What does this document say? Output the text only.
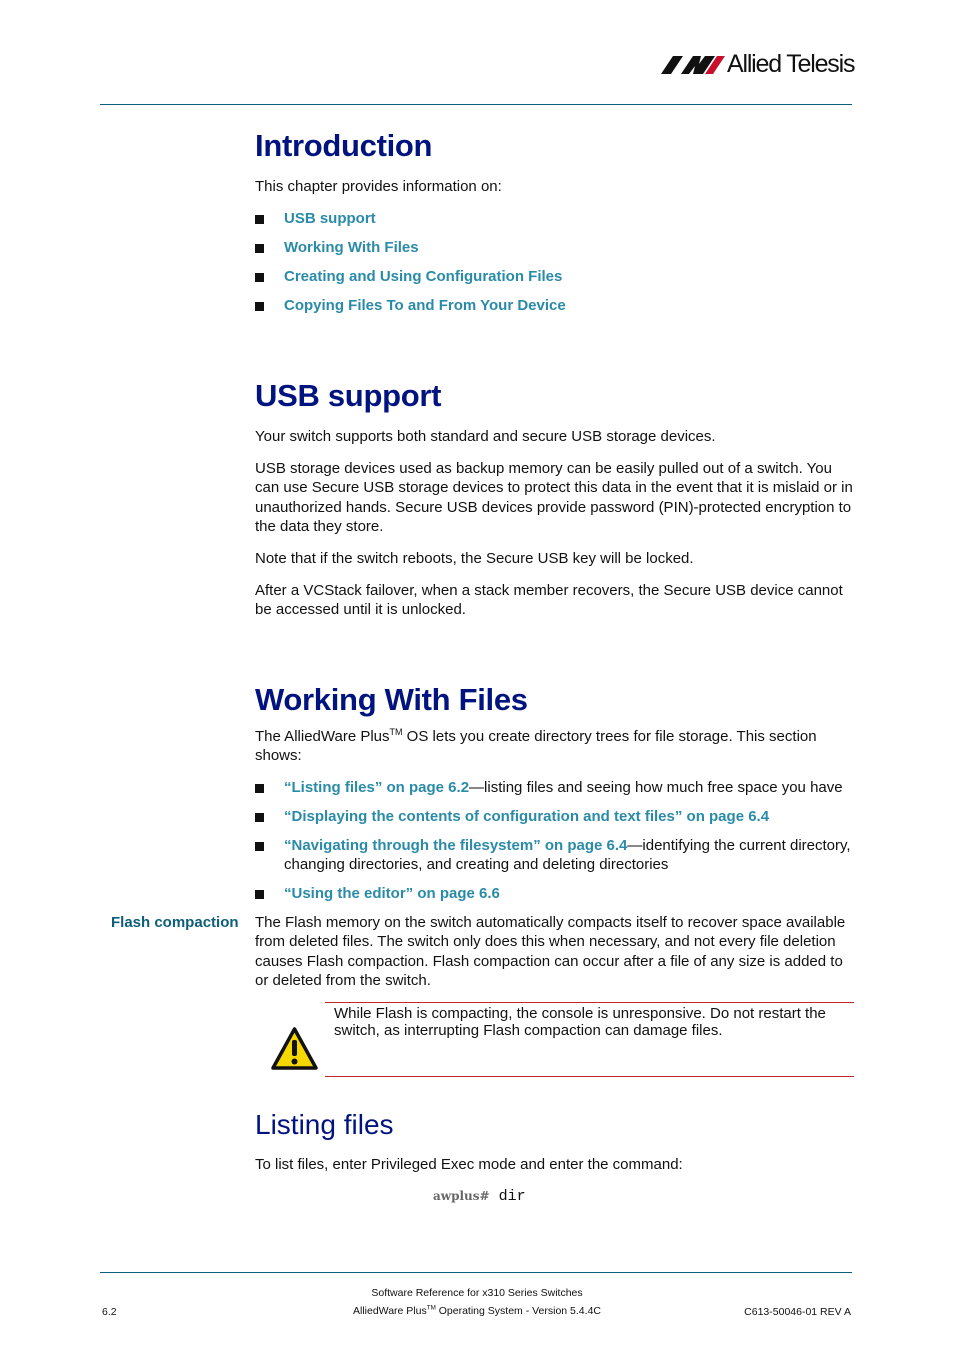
Allied Telesis
Introduction
This chapter provides information on:
USB support
Working With Files
Creating and Using Configuration Files
Copying Files To and From Your Device
USB support
Your switch supports both standard and secure USB storage devices.
USB storage devices used as backup memory can be easily pulled out of a switch. You can use Secure USB storage devices to protect this data in the event that it is mislaid or in unauthorized hands. Secure USB devices provide password (PIN)-protected encryption to the data they store.
Note that if the switch reboots, the Secure USB key will be locked.
After a VCStack failover, when a stack member recovers, the Secure USB device cannot be accessed until it is unlocked.
Working With Files
The AlliedWare Plus™ OS lets you create directory trees for file storage. This section shows:
“Listing files” on page 6.2—listing files and seeing how much free space you have
“Displaying the contents of configuration and text files” on page 6.4
“Navigating through the filesystem” on page 6.4—identifying the current directory, changing directories, and creating and deleting directories
“Using the editor” on page 6.6
Flash compaction The Flash memory on the switch automatically compacts itself to recover space available from deleted files. The switch only does this when necessary, and not every file deletion causes Flash compaction. Flash compaction can occur after a file of any size is added to or deleted from the switch.
While Flash is compacting, the console is unresponsive. Do not restart the switch, as interrupting Flash compaction can damage files.
Listing files
To list files, enter Privileged Exec mode and enter the command:
awplus# dir
Software Reference for x310 Series Switches
AlliedWare Plus™ Operating System - Version 5.4.4C
6.2	C613-50046-01 REV A
